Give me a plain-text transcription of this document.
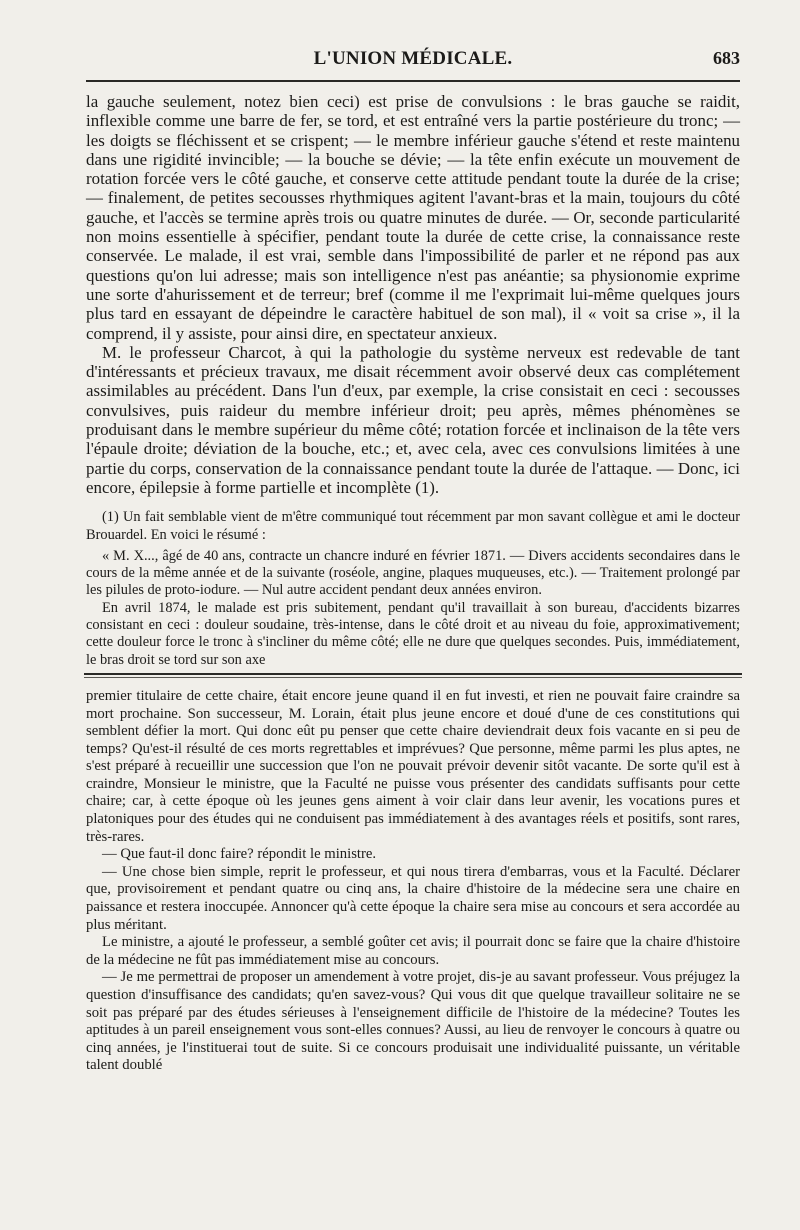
L'UNION MÉDICALE.	683

la gauche seulement, notez bien ceci) est prise de convulsions : le bras gauche se raidit, inflexible comme une barre de fer, se tord, et est entraîné vers la partie postérieure du tronc; — les doigts se fléchissent et se crispent; — le membre inférieur gauche s'étend et reste maintenu dans une rigidité invincible; — la bouche se dévie; — la tête enfin exécute un mouvement de rotation forcée vers le côté gauche, et conserve cette attitude pendant toute la durée de la crise; — finalement, de petites secousses rhythmiques agitent l'avant-bras et la main, toujours du côté gauche, et l'accès se termine après trois ou quatre minutes de durée. — Or, seconde particularité non moins essentielle à spécifier, pendant toute la durée de cette crise, la connaissance reste conservée. Le malade, il est vrai, semble dans l'impossibilité de parler et ne répond pas aux questions qu'on lui adresse; mais son intelligence n'est pas anéantie; sa physionomie exprime une sorte d'ahurissement et de terreur; bref (comme il me l'exprimait lui-même quelques jours plus tard en essayant de dépeindre le caractère habituel de son mal), il « voit sa crise », il la comprend, il y assiste, pour ainsi dire, en spectateur anxieux.

M. le professeur Charcot, à qui la pathologie du système nerveux est redevable de tant d'intéressants et précieux travaux, me disait récemment avoir observé deux cas complétement assimilables au précédent. Dans l'un d'eux, par exemple, la crise consistait en ceci : secousses convulsives, puis raideur du membre inférieur droit; peu après, mêmes phénomènes se produisant dans le membre supérieur du même côté; rotation forcée et inclinaison de la tête vers l'épaule droite; déviation de la bouche, etc.; et, avec cela, avec ces convulsions limitées à une partie du corps, conservation de la connaissance pendant toute la durée de l'attaque. — Donc, ici encore, épilepsie à forme partielle et incomplète (1).

(1) Un fait semblable vient de m'être communiqué tout récemment par mon savant collègue et ami le docteur Brouardel. En voici le résumé :

« M. X..., âgé de 40 ans, contracte un chancre induré en février 1871. — Divers accidents secondaires dans le cours de la même année et de la suivante (roséole, angine, plaques muqueuses, etc.). — Traitement prolongé par les pilules de proto-iodure. — Nul autre accident pendant deux années environ.

En avril 1874, le malade est pris subitement, pendant qu'il travaillait à son bureau, d'accidents bizarres consistant en ceci : douleur soudaine, très-intense, dans le côté droit et au niveau du foie, approximativement; cette douleur force le tronc à s'incliner du même côté; elle ne dure que quelques secondes. Puis, immédiatement, le bras droit se tord sur son axe

premier titulaire de cette chaire, était encore jeune quand il en fut investi, et rien ne pouvait faire craindre sa mort prochaine. Son successeur, M. Lorain, était plus jeune encore et doué d'une de ces constitutions qui semblent défier la mort. Qui donc eût pu penser que cette chaire deviendrait deux fois vacante en si peu de temps? Qu'est-il résulté de ces morts regrettables et imprévues? Que personne, même parmi les plus aptes, ne s'est préparé à recueillir une succession que l'on ne pouvait prévoir devenir sitôt vacante. De sorte qu'il est à craindre, Monsieur le ministre, que la Faculté ne puisse vous présenter des candidats suffisants pour cette chaire; car, à cette époque où les jeunes gens aiment à voir clair dans leur avenir, les vocations pures et platoniques pour des études qui ne conduisent pas immédiatement à des avantages réels et positifs, sont rares, très-rares.

— Que faut-il donc faire? répondit le ministre.

— Une chose bien simple, reprit le professeur, et qui nous tirera d'embarras, vous et la Faculté. Déclarer que, provisoirement et pendant quatre ou cinq ans, la chaire d'histoire de la médecine sera une chaire en paissance et restera inoccupée. Annoncer qu'à cette époque la chaire sera mise au concours et sera accordée au plus méritant.

Le ministre, a ajouté le professeur, a semblé goûter cet avis; il pourrait donc se faire que la chaire d'histoire de la médecine ne fût pas immédiatement mise au concours.

— Je me permettrai de proposer un amendement à votre projet, dis-je au savant professeur. Vous préjugez la question d'insuffisance des candidats; qu'en savez-vous? Qui vous dit que quelque travailleur solitaire ne se soit pas préparé par des études sérieuses à l'enseignement difficile de l'histoire de la médecine? Toutes les aptitudes à un pareil enseignement vous sont-elles connues? Aussi, au lieu de renvoyer le concours à quatre ou cinq années, je l'instituerai tout de suite. Si ce concours produisait une individualité puissante, un véritable talent doublé
